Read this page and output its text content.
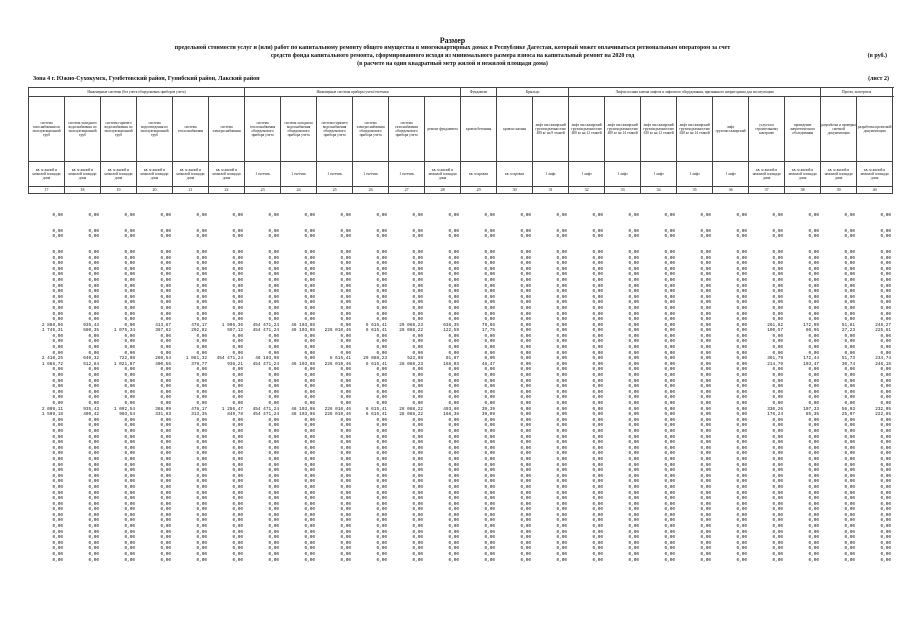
Размер
предельной стоимости услуг и (или) работ по капитальному ремонту общего имущества в многоквартирных домах в Республике Дагестан, который может оплачиваться региональным оператором за счет
средств фонда капитального ремонта, сформированного исходя из минимального размера взноса на капитальный ремонт на 2020 год
(в расчете на один квадратный метр жилой и нежилой площади дома)
(в руб.)
Зона 4 г. Южно-Сухокумск, Гумбетовский район, Гунибский район, Лакский район	(лист 2)
Инженерные системы (без учета общедомовых приборов учета)						Инженерные системы приборы учета/счетчики						Фундамент	Крыльцо		Лифты полная замена лифтов и лифтового оборудования, признанного непригодным для эксплуатации							Проект, экспертиза	
система газоснабжения по эксплуатационной труб	система холодного водоснабжения по эксплуатационной труб	система горячего водоснабжения по эксплуатационной труб	система водоотведения по эксплуатационной труб	система теплоснабжения	система электроснабжения	система теплоснабжения общедомового прибора учета	система холодного водоснабжения общедомового прибора учета	система горячего водоснабжения общедомового прибора учета	система электроснабжения общедомового прибора учета	система газоснабжения общедомового прибора учета	ремонт фундамента	кровля бетонная	кровля скатная	лифт пассажирский грузоподъемностью 400 кг на 9 этажей	лифт пассажирский грузоподъемностью 400 кг на 12 этажей	лифт пассажирский грузоподъемностью 400 кг на 14 этажей	лифт пассажирский грузоподъемностью 630 кг на 12 этажей	лифт пассажирский грузоподъемностью 630 кг на 14 этажей	лифт грузопассажирский	услуги по строительному контролю	проведение энергетического обследования	разработка и проверка сметной документации	разработка проектной документации
кв. м жилой и нежилой площади дома	кв. м жилой и нежилой площади дома	кв. м жилой и нежилой площади дома	кв. м жилой и нежилой площади дома	кв. м жилой и нежилой площади дома	кв. м жилой и нежилой площади дома	1 счетчик	1 счетчик	1 счетчик	1 счетчик	1 счетчик	кв. м жилой и нежилой площади дома	кв. м кровли	кв. м кровли	1 лифт	1 лифт	1 лифт	1 лифт	1 лифт	1 лифт	кв. м жилой и нежилой площади дома	кв. м жилой и нежилой площади дома	кв. м жилой и нежилой площади дома	кв. м жилой и нежилой площади дома
17	18	19	20	21	22	23	24	25	26	27	28	29	30	31	32	33	34	35	36	37	38	39	40
0,00	0,00	0,00	0,00	0,00	0,00	0,00	0,00	0,00	0,00	0,00	0,00	0,00	0,00	0,00	0,00	0,00	0,00	0,00	0,00	0,00	0,00	0,00	0,00

0,00	0,00	0,00	0,00	0,00	0,00	0,00	0,00	0,00	0,00	0,00	0,00	0,00	0,00	0,00	0,00	0,00	0,00	0,00	0,00	0,00	0,00	0,00	0,00
0,00	0,00	0,00	0,00	0,00	0,00	0,00	0,00	0,00	0,00	0,00	0,00	0,00	0,00	0,00	0,00	0,00	0,00	0,00	0,00	0,00	0,00	0,00	0,00

0,00	0,00	0,00	0,00	0,00	0,00	0,00	0,00	0,00	0,00	0,00	0,00	0,00	0,00	0,00	0,00	0,00	0,00	0,00	0,00	0,00	0,00	0,00	0,00
0,00	0,00	0,00	0,00	0,00	0,00	0,00	0,00	0,00	0,00	0,00	0,00	0,00	0,00	0,00	0,00	0,00	0,00	0,00	0,00	0,00	0,00	0,00	0,00
0,00	0,00	0,00	0,00	0,00	0,00	0,00	0,00	0,00	0,00	0,00	0,00	0,00	0,00	0,00	0,00	0,00	0,00	0,00	0,00	0,00	0,00	0,00	0,00
0,00	0,00	0,00	0,00	0,00	0,00	0,00	0,00	0,00	0,00	0,00	0,00	0,00	0,00	0,00	0,00	0,00	0,00	0,00	0,00	0,00	0,00	0,00	0,00
0,00	0,00	0,00	0,00	0,00	0,00	0,00	0,00	0,00	0,00	0,00	0,00	0,00	0,00	0,00	0,00	0,00	0,00	0,00	0,00	0,00	0,00	0,00	0,00
0,00	0,00	0,00	0,00	0,00	0,00	0,00	0,00	0,00	0,00	0,00	0,00	0,00	0,00	0,00	0,00	0,00	0,00	0,00	0,00	0,00	0,00	0,00	0,00
0,00	0,00	0,00	0,00	0,00	0,00	0,00	0,00	0,00	0,00	0,00	0,00	0,00	0,00	0,00	0,00	0,00	0,00	0,00	0,00	0,00	0,00	0,00	0,00
0,00	0,00	0,00	0,00	0,00	0,00	0,00	0,00	0,00	0,00	0,00	0,00	0,00	0,00	0,00	0,00	0,00	0,00	0,00	0,00	0,00	0,00	0,00	0,00
0,00	0,00	0,00	0,00	0,00	0,00	0,00	0,00	0,00	0,00	0,00	0,00	0,00	0,00	0,00	0,00	0,00	0,00	0,00	0,00	0,00	0,00	0,00	0,00
0,00	0,00	0,00	0,00	0,00	0,00	0,00	0,00	0,00	0,00	0,00	0,00	0,00	0,00	0,00	0,00	0,00	0,00	0,00	0,00	0,00	0,00	0,00	0,00
0,00	0,00	0,00	0,00	0,00	0,00	0,00	0,00	0,00	0,00	0,00	0,00	0,00	0,00	0,00	0,00	0,00	0,00	0,00	0,00	0,00	0,00	0,00	0,00
0,00	0,00	0,00	0,00	0,00	0,00	0,00	0,00	0,00	0,00	0,00	0,00	0,00	0,00	0,00	0,00	0,00	0,00	0,00	0,00	0,00	0,00	0,00	0,00
0,00	0,00	0,00	0,00	0,00	0,00	0,00	0,00	0,00	0,00	0,00	0,00	0,00	0,00	0,00	0,00	0,00	0,00	0,00	0,00	0,00	8,00	0,00	0,00
2 888,06	935,43	0,00	413,67	478,17	1 996,36	454 471,24	46 103,98	0,00	6 615,41	29 088,23	638,35	79,66	0,00	0,00	0,00	0,00	0,00	0,00	0,00	261,82	172,99	51,81	248,27
1 746,31	580,35	1 075,34	367,62	292,92	557,12	454 471,24	46 103,98	226 010,46	6 615,41	28 088,22	122,59	17,75	0,00	0,00	0,00	0,00	0,00	0,00	0,00	190,57	60,96	27,23	225,61
0,00	0,00	0,00	0,00	0,00	0,00	0,00	0,00	0,00	0,00	0,00	0,00	0,00	0,00	0,00	0,00	0,00	0,00	0,00	0,00	0,00	0,00	0,00	0,00
0,00	0,00	0,00	0,00	0,00	0,00	0,00	0,00	0,00	0,00	0,00	0,00	0,00	0,00	0,00	0,00	0,00	0,00	0,00	0,00	0,00	0,00	0,00	0,00
0,00	0,00	0,00	0,00	0,00	0,00	0,00	0,00	0,00	0,00	0,00	0,00	0,00	0,00	0,00	0,00	0,00	0,00	0,00	0,00	0,00	0,00	0,00	0,00
0,00	0,00	0,00	0,00	0,00	0,00	0,00	0,00	0,00	0,00	0,00	0,00	0,00	0,00	0,00	0,00	0,00	0,00	0,00	0,00	0,00	0,00	0,00	0,00
2 410,25	640,32	722,08	260,54	1 061,32	454 471,24	46 103,98	0,00	6 615,41	29 088,23	523,08	91,87	0,00	0,00	0,00	0,00	0,00	0,00	0,00	0,00	361,79	172,44	51,73	234,74
1 668,72	512,84	1 021,67	400,56	379,77	938,21	454 471,24	46 103,98	226 010,46	6 615,41	28 088,23	168,03	48,47	0,00	0,00	0,00	0,00	0,00	0,00	0,00	214,79	103,47	30,74	246,16
0,00	0,00	0,00	0,00	0,00	0,00	0,00	0,00	0,00	0,00	0,00	0,00	0,00	0,00	0,00	0,00	0,00	0,00	0,00	0,00	0,00	0,00	0,00	0,00
0,00	0,00	0,00	0,00	0,00	0,00	0,00	0,00	0,00	0,00	0,00	0,00	0,00	0,00	0,00	0,00	0,00	0,00	0,00	0,00	0,00	0,00	0,00	0,00
0,00	0,00	0,00	0,00	0,00	0,00	0,00	0,00	0,00	0,00	0,00	0,00	0,00	0,00	0,00	0,00	0,00	0,00	0,00	0,00	0,00	0,00	0,00	0,00
0,00	0,00	0,00	0,00	0,00	0,00	0,00	0,00	0,00	0,00	0,00	0,00	0,00	0,00	0,00	0,00	0,00	0,00	0,00	0,00	0,00	0,00	0,00	0,00
0,00	0,00	0,00	0,00	0,00	0,00	0,00	0,00	0,00	0,00	0,00	0,00	0,00	0,00	0,00	0,00	0,00	0,00	0,00	0,00	0,00	0,00	0,00	0,00
0,00	0,00	0,00	0,00	0,00	0,00	0,00	0,00	0,00	0,00	0,00	0,00	0,00	0,00	0,00	0,00	0,00	0,00	0,00	0,00	0,00	0,00	0,00	0,00
0,00	0,00	0,00	0,00	0,00	0,00	0,00	0,00	0,00	0,00	0,00	0,00	0,00	0,00	0,00	0,00	0,00	0,00	0,00	0,00	0,00	0,00	0,00	0,00
2 099,11	935,43	1 092,54	368,09	478,17	1 256,47	454 471,24	46 103,98	226 010,46	6 615,41	28 088,22	493,60	39,39	0,00	0,00	0,00	0,00	0,00	0,00	0,00	330,26	107,33	56,03	232,05
1 599,18	409,42	903,54	331,83	313,35	849,78	454 471,24	46 103,98	226 010,46	6 615,41	28 088,22	168,38	39,09	0,00	0,00	0,00	0,00	0,00	0,00	0,00	176,24	85,35	25,07	222,85
0,00	0,00	0,00	0,00	0,00	0,00	0,00	0,00	0,00	0,00	0,00	0,00	0,00	0,00	0,00	0,00	0,00	0,00	0,00	0,00	0,00	0,00	0,00	0,00
0,00	0,00	0,00	0,00	0,00	0,00	0,00	0,00	0,00	0,00	0,00	0,00	0,00	0,00	0,00	0,00	0,00	0,00	0,00	0,00	0,00	0,00	0,00	0,00
0,00	0,00	0,00	0,00	0,00	0,00	0,00	0,00	0,00	0,00	0,00	0,00	0,00	0,00	0,00	0,00	0,00	0,00	0,00	0,00	0,00	0,00	0,00	0,00
0,00	0,00	0,00	0,00	0,00	0,00	0,00	0,00	0,00	0,00	0,00	0,00	0,00	0,00	0,00	0,00	0,00	0,00	0,00	0,00	0,00	0,00	0,00	0,00
0,00	0,00	0,00	0,00	0,00	0,00	0,00	0,00	0,00	0,00	0,00	0,00	0,00	0,00	0,00	0,00	0,00	0,00	0,00	0,00	0,00	0,00	0,00	0,00
0,00	0,00	0,00	0,00	0,00	0,00	0,00	0,00	0,00	0,00	0,00	0,00	0,00	0,00	0,00	0,00	0,00	0,00	0,00	0,00	0,00	0,00	0,00	0,00
0,00	0,00	0,00	0,00	0,00	0,00	0,00	0,00	0,00	0,00	0,00	0,00	0,00	0,00	0,00	0,00	0,00	0,00	0,00	0,00	0,00	0,00	0,00	0,00
0,00	0,00	0,00	0,00	0,00	0,00	0,00	0,00	0,00	0,00	0,00	0,00	0,00	0,00	0,00	0,00	0,00	0,00	0,00	0,00	0,00	0,00	0,00	0,00
0,00	0,00	0,00	0,00	0,00	0,00	0,00	0,00	0,00	0,00	0,00	0,00	0,00	0,00	0,00	0,00	0,00	0,00	0,00	0,00	0,00	0,00	0,00	0,00
0,00	0,00	0,00	0,00	0,00	0,00	0,00	0,00	0,00	0,00	0,00	0,00	0,00	0,00	0,00	0,00	0,00	0,00	0,00	0,00	0,00	0,00	0,00	0,00
0,00	0,00	0,00	0,00	0,00	0,00	0,00	0,00	0,00	0,00	0,00	0,00	0,00	0,00	0,00	0,00	0,00	0,00	0,00	0,00	0,00	0,00	0,00	0,00
0,00	0,00	0,00	0,00	0,00	0,00	0,00	0,00	0,00	0,00	0,00	0,00	0,00	0,00	0,00	0,00	0,00	0,00	0,00	0,00	0,00	0,00	0,00	0,00
0,00	0,00	0,00	0,00	0,00	0,00	0,00	0,00	0,00	0,00	0,00	0,00	0,00	0,00	0,00	0,00	0,00	0,00	0,00	0,00	0,00	0,00	0,00	0,00
0,00	0,00	0,00	0,00	0,00	0,00	0,00	0,00	0,00	0,00	0,00	0,00	0,00	0,00	0,00	0,00	0,00	0,00	0,00	0,00	0,00	0,00	0,00	0,00
0,00	0,00	0,00	0,00	0,00	0,00	0,00	0,00	0,00	0,00	0,00	0,00	0,00	0,00	0,00	0,00	0,00	0,00	0,00	0,00	0,00	0,00	0,00	0,00
0,00	0,00	0,00	0,00	0,00	0,00	0,00	0,00	0,00	0,00	0,00	0,00	0,00	0,00	0,00	0,00	0,00	0,00	0,00	0,00	0,00	0,00	0,00	0,00
0,00	0,00	0,00	0,00	0,00	0,00	0,00	0,00	0,00	0,00	0,00	0,00	0,00	0,00	0,00	0,00	0,00	0,00	0,00	0,00	0,00	0,00	0,00	0,00
0,00	0,00	0,00	0,00	0,00	0,00	0,00	0,00	0,00	0,00	0,00	0,00	0,00	0,00	0,00	0,00	0,00	0,00	0,00	0,00	0,00	0,00	0,00	0,00
0,00	0,00	0,00	0,00	0,00	0,00	0,00	0,00	0,00	0,00	0,00	0,00	0,00	0,00	0,00	0,00	0,00	0,00	0,00	0,00	0,00	0,00	0,00	0,00
0,00	0,00	0,00	0,00	0,00	0,00	0,00	0,00	0,00	0,00	0,00	0,00	0,00	0,00	0,00	0,00	0,00	0,00	0,00	0,00	0,00	0,00	0,00	0,00
0,00	0,00	0,00	0,00	0,00	0,00	0,00	0,00	0,00	0,00	0,00	0,00	0,00	0,00	0,00	0,00	0,00	0,00	0,00	0,00	0,00	0,00	0,00	0,00
0,00	0,00	0,00	0,00	0,00	0,00	0,00	0,00	0,00	0,00	0,00	0,00	0,00	0,00	0,00	0,00	0,00	0,00	0,00	0,00	0,00	0,00	0,00	0,00
0,00	0,00	0,00	0,00	0,00	0,00	0,00	0,00	0,00	0,00	0,00	0,00	0,00	0,00	0,00	0,00	0,00	0,00	0,00	0,00	0,00	0,00	0,00	0,00
0,00	0,00	0,00	0,00	0,00	0,00	0,00	0,00	0,00	0,00	0,00	0,00	0,00	0,00	0,00	0,00	0,00	0,00	0,00	0,00	0,00	0,00	0,00	0,00
0,00	0,00	0,00	0,00	0,00	0,00	0,00	0,00	0,00	0,00	0,00	0,00	0,00	0,00	0,00	0,00	0,00	0,00	0,00	0,00	0,00	0,00	0,00	0,00
0,00	0,00	0,00	0,00	0,00	0,00	0,00	0,00	0,00	0,00	0,00	0,00	0,00	0,00	0,00	0,00	0,00	0,00	0,00	0,00	0,00	0,00	0,00	0,00
